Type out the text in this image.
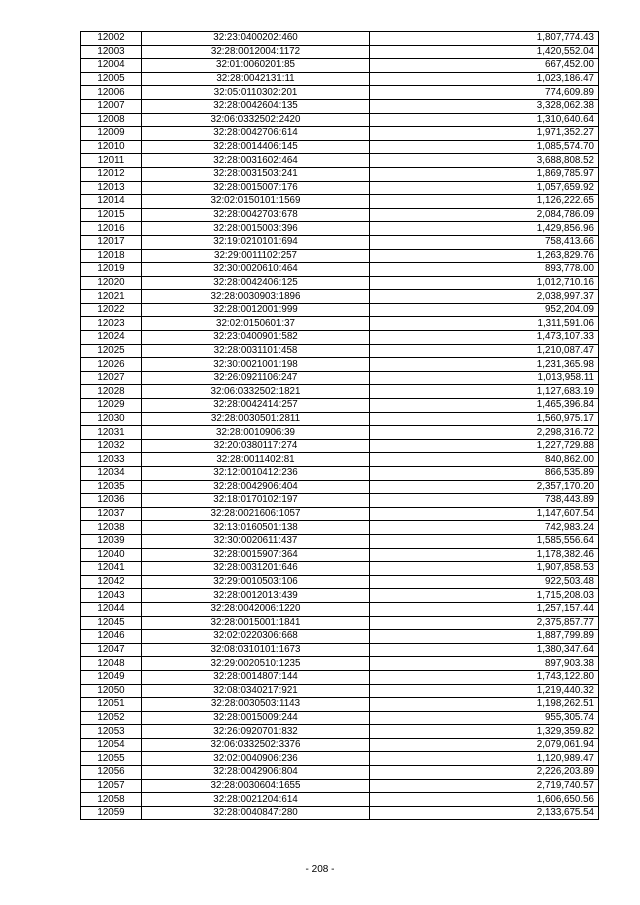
12002	32:23:0400202:460	1,807,774.43
12003	32:28:0012004:1172	1,420,552.04
12004	32:01:0060201:85	667,452.00
12005	32:28:0042131:11	1,023,186.47
12006	32:05:0110302:201	774,609.89
12007	32:28:0042604:135	3,328,062.38
12008	32:06:0332502:2420	1,310,640.64
12009	32:28:0042706:614	1,971,352.27
12010	32:28:0014406:145	1,085,574.70
12011	32:28:0031602:464	3,688,808.52
12012	32:28:0031503:241	1,869,785.97
12013	32:28:0015007:176	1,057,659.92
12014	32:02:0150101:1569	1,126,222.65
12015	32:28:0042703:678	2,084,786.09
12016	32:28:0015003:396	1,429,856.96
12017	32:19:0210101:694	758,413.66
12018	32:29:0011102:257	1,263,829.76
12019	32:30:0020610:464	893,778.00
12020	32:28:0042406:125	1,012,710.16
12021	32:28:0030903:1896	2,038,997.37
12022	32:28:0012001:999	952,204.09
12023	32:02:0150601:37	1,311,591.06
12024	32:23:0400901:582	1,473,107.33
12025	32:28:0031101:458	1,210,087.47
12026	32:30:0021001:198	1,231,365.98
12027	32:26:0921106:247	1,013,958.11
12028	32:06:0332502:1821	1,127,683.19
12029	32:28:0042414:257	1,465,396.84
12030	32:28:0030501:2811	1,560,975.17
12031	32:28:0010906:39	2,298,316.72
12032	32:20:0380117:274	1,227,729.88
12033	32:28:0011402:81	840,862.00
12034	32:12:0010412:236	866,535.89
12035	32:28:0042906:404	2,357,170.20
12036	32:18:0170102:197	738,443.89
12037	32:28:0021606:1057	1,147,607.54
12038	32:13:0160501:138	742,983.24
12039	32:30:0020611:437	1,585,556.64
12040	32:28:0015907:364	1,178,382.46
12041	32:28:0031201:646	1,907,858.53
12042	32:29:0010503:106	922,503.48
12043	32:28:0012013:439	1,715,208.03
12044	32:28:0042006:1220	1,257,157.44
12045	32:28:0015001:1841	2,375,857.77
12046	32:02:0220306:668	1,887,799.89
12047	32:08:0310101:1673	1,380,347.64
12048	32:29:0020510:1235	897,903.38
12049	32:28:0014807:144	1,743,122.80
12050	32:08:0340217:921	1,219,440.32
12051	32:28:0030503:1143	1,198,262.51
12052	32:28:0015009:244	955,305.74
12053	32:26:0920701:832	1,329,359.82
12054	32:06:0332502:3376	2,079,061.94
12055	32:02:0040906:236	1,120,989.47
12056	32:28:0042906:804	2,226,203.89
12057	32:28:0030604:1655	2,719,740.57
12058	32:28:0021204:614	1,606,650.56
12059	32:28:0040847:280	2,133,675.54
- 208 -
